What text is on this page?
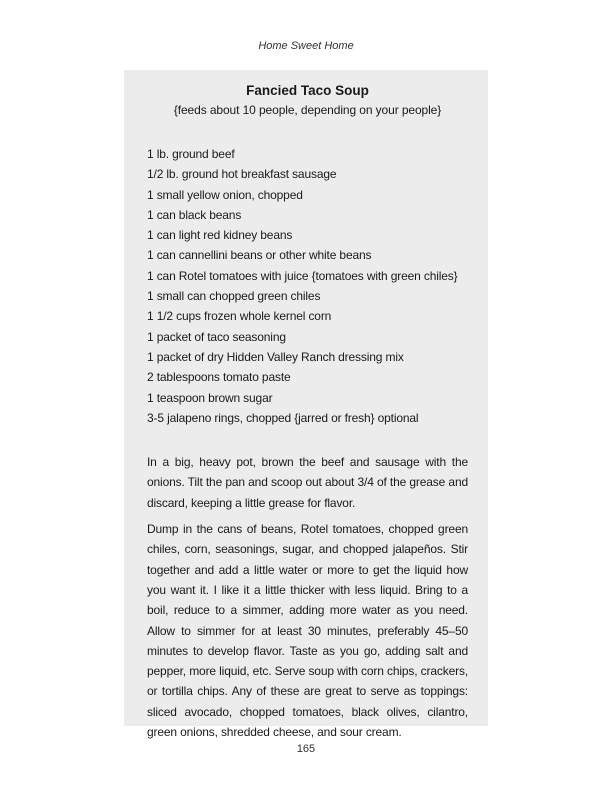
Home Sweet Home
Fancied Taco Soup

{feeds about 10 people, depending on your people}

1 lb. ground beef
1/2 lb. ground hot breakfast sausage
1 small yellow onion, chopped
1 can black beans
1 can light red kidney beans
1 can cannellini beans or other white beans
1 can Rotel tomatoes with juice {tomatoes with green chiles}
1 small can chopped green chiles
1 1/2 cups frozen whole kernel corn
1 packet of taco seasoning
1 packet of dry Hidden Valley Ranch dressing mix
2 tablespoons tomato paste
1 teaspoon brown sugar
3-5 jalapeno rings, chopped {jarred or fresh} optional

In a big, heavy pot, brown the beef and sausage with the onions. Tilt the pan and scoop out about 3/4 of the grease and discard, keeping a little grease for flavor.

Dump in the cans of beans, Rotel tomatoes, chopped green chiles, corn, seasonings, sugar, and chopped jalapeños. Stir together and add a little water or more to get the liquid how you want it. I like it a little thicker with less liquid. Bring to a boil, reduce to a simmer, adding more water as you need. Allow to simmer for at least 30 minutes, preferably 45–50 minutes to develop flavor. Taste as you go, adding salt and pepper, more liquid, etc. Serve soup with corn chips, crackers, or tortilla chips. Any of these are great to serve as toppings: sliced avocado, chopped tomatoes, black olives, cilantro, green onions, shredded cheese, and sour cream.

165
